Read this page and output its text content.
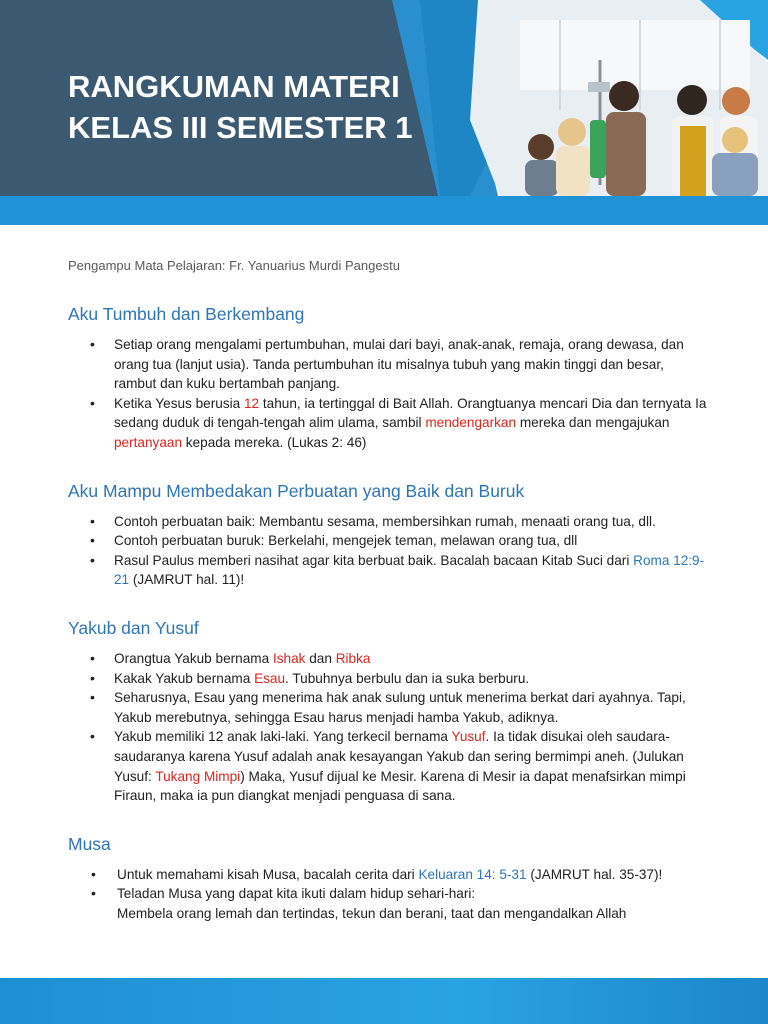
RANGKUMAN MATERI
KELAS III SEMESTER 1

Pengampu Mata Pelajaran: Fr. Yanuarius Murdi Pangestu

Aku Tumbuh dan Berkembang
• Setiap orang mengalami pertumbuhan, mulai dari bayi, anak-anak, remaja, orang dewasa, dan orang tua (lanjut usia). Tanda pertumbuhan itu misalnya tubuh yang makin tinggi dan besar, rambut dan kuku bertambah panjang.
• Ketika Yesus berusia 12 tahun, ia tertinggal di Bait Allah. Orangtuanya mencari Dia dan ternyata Ia sedang duduk di tengah-tengah alim ulama, sambil mendengarkan mereka dan mengajukan pertanyaan kepada mereka. (Lukas 2: 46)
Aku Mampu Membedakan Perbuatan yang Baik dan Buruk
• Contoh perbuatan baik: Membantu sesama, membersihkan rumah, menaati orang tua, dll.
• Contoh perbuatan buruk: Berkelahi, mengejek teman, melawan orang tua, dll
• Rasul Paulus memberi nasihat agar kita berbuat baik. Bacalah bacaan Kitab Suci dari Roma 12:9-21 (JAMRUT hal. 11)!
Yakub dan Yusuf
• Orangtua Yakub bernama Ishak dan Ribka
• Kakak Yakub bernama Esau. Tubuhnya berbulu dan ia suka berburu.
• Seharusnya, Esau yang menerima hak anak sulung untuk menerima berkat dari ayahnya. Tapi, Yakub merebutnya, sehingga Esau harus menjadi hamba Yakub, adiknya.
• Yakub memiliki 12 anak laki-laki. Yang terkecil bernama Yusuf. Ia tidak disukai oleh saudara-saudaranya karena Yusuf adalah anak kesayangan Yakub dan sering bermimpi aneh. (Julukan Yusuf: Tukang Mimpi) Maka, Yusuf dijual ke Mesir. Karena di Mesir ia dapat menafsirkan mimpi Firaun, maka ia pun diangkat menjadi penguasa di sana.
Musa
• Untuk memahami kisah Musa, bacalah cerita dari Keluaran 14: 5-31 (JAMRUT hal. 35-37)!
• Teladan Musa yang dapat kita ikuti dalam hidup sehari-hari:
Membela orang lemah dan tertindas, tekun dan berani, taat dan mengandalkan Allah
